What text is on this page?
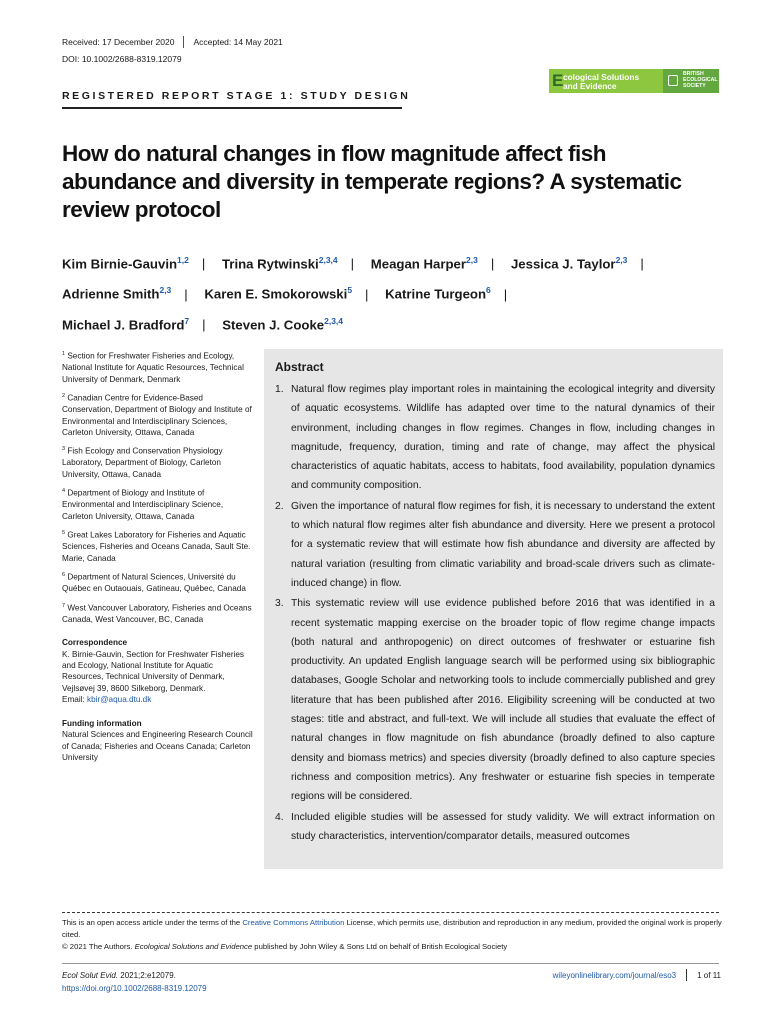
Received: 17 December 2020 Accepted: 14 May 2021
DOI: 10.1002/2688-8319.12079
E cological Solutions
and Evidence
BRITISH
ECOLOGICAL
SOCIETY
REGISTERED REPORT STAGE 1: STUDY DESIGN
How do natural changes in flow magnitude affect fish abundance and diversity in temperate regions? A systematic review protocol
Kim Birnie-Gauvin$^{1,2}$ | Trina Rytwinski$^{2,3,4}$ | Meagan Harper$^{2,3}$ | Jessica J. Taylor$^{2,3}$ |
Adrienne Smith$^{2,3}$ | Karen E. Smokorowski$^5$ | Katrine Turgeon$^6$ |
Michael J. Bradford$^7$ | Steven J. Cooke$^{2,3,4}$
$^1$ Section for Freshwater Fisheries and Ecology, National Institute for Aquatic Resources, Technical University of Denmark, Denmark
$^2$ Canadian Centre for Evidence-Based Conservation, Department of Biology and Institute of Environmental and Interdisciplinary Sciences, Carleton University, Ottawa, Canada
$^3$ Fish Ecology and Conservation Physiology Laboratory, Department of Biology, Carleton University, Ottawa, Canada
$^4$ Department of Biology and Institute of Environmental and Interdisciplinary Science, Carleton University, Ottawa, Canada
$^5$ Great Lakes Laboratory for Fisheries and Aquatic Sciences, Fisheries and Oceans Canada, Sault Ste. Marie, Canada
$^6$ Department of Natural Sciences, Université du Québec en Outaouais, Gatineau, Québec, Canada
$^7$ West Vancouver Laboratory, Fisheries and Oceans Canada, West Vancouver, BC, Canada
Correspondence
K. Birnie-Gauvin, Section for Freshwater Fisheries and Ecology, National Institute for Aquatic Resources, Technical University of Denmark, Vejlsøvej 39, 8600 Silkeborg, Denmark.
Email: kbir@aqua.dtu.dk
Funding information
Natural Sciences and Engineering Research Council of Canada; Fisheries and Oceans Canada; Carleton University
Abstract
1. Natural flow regimes play important roles in maintaining the ecological integrity and diversity of aquatic ecosystems. Wildlife has adapted over time to the natural dynamics of their environment, including changes in flow regimes. Changes in flow, including changes in magnitude, frequency, duration, timing and rate of change, may affect the physical characteristics of aquatic habitats, access to habitats, food availability, population dynamics and community composition.
2. Given the importance of natural flow regimes for fish, it is necessary to understand the extent to which natural flow regimes alter fish abundance and diversity. Here we present a protocol for a systematic review that will estimate how fish abundance and diversity are affected by natural variation (resulting from climatic variability and broad-scale drivers such as climate-induced change) in flow.
3. This systematic review will use evidence published before 2016 that was identified in a recent systematic mapping exercise on the broader topic of flow regime change impacts (both natural and anthropogenic) on direct outcomes of freshwater or estuarine fish productivity. An updated English language search will be performed using six bibliographic databases, Google Scholar and networking tools to include commercially published and grey literature that has been published after 2016. Eligibility screening will be conducted at two stages: title and abstract, and full-text. We will include all studies that evaluate the effect of natural changes in flow magnitude on fish abundance (broadly defined to also capture density and biomass metrics) and species diversity (broadly defined to also capture species richness and composition metrics). Any freshwater or estuarine fish species in temperate regions will be considered.
4. Included eligible studies will be assessed for study validity. We will extract information on study characteristics, intervention/comparator details, measured outcomes
This is an open access article under the terms of the Creative Commons Attribution License, which permits use, distribution and reproduction in any medium, provided the original work is properly cited.
© 2021 The Authors. Ecological Solutions and Evidence published by John Wiley & Sons Ltd on behalf of British Ecological Society
Ecol Solut Evid. 2021;2:e12079.
https://doi.org/10.1002/2688-8319.12079
wileyonlinelibrary.com/journal/eso3	1 of 11
